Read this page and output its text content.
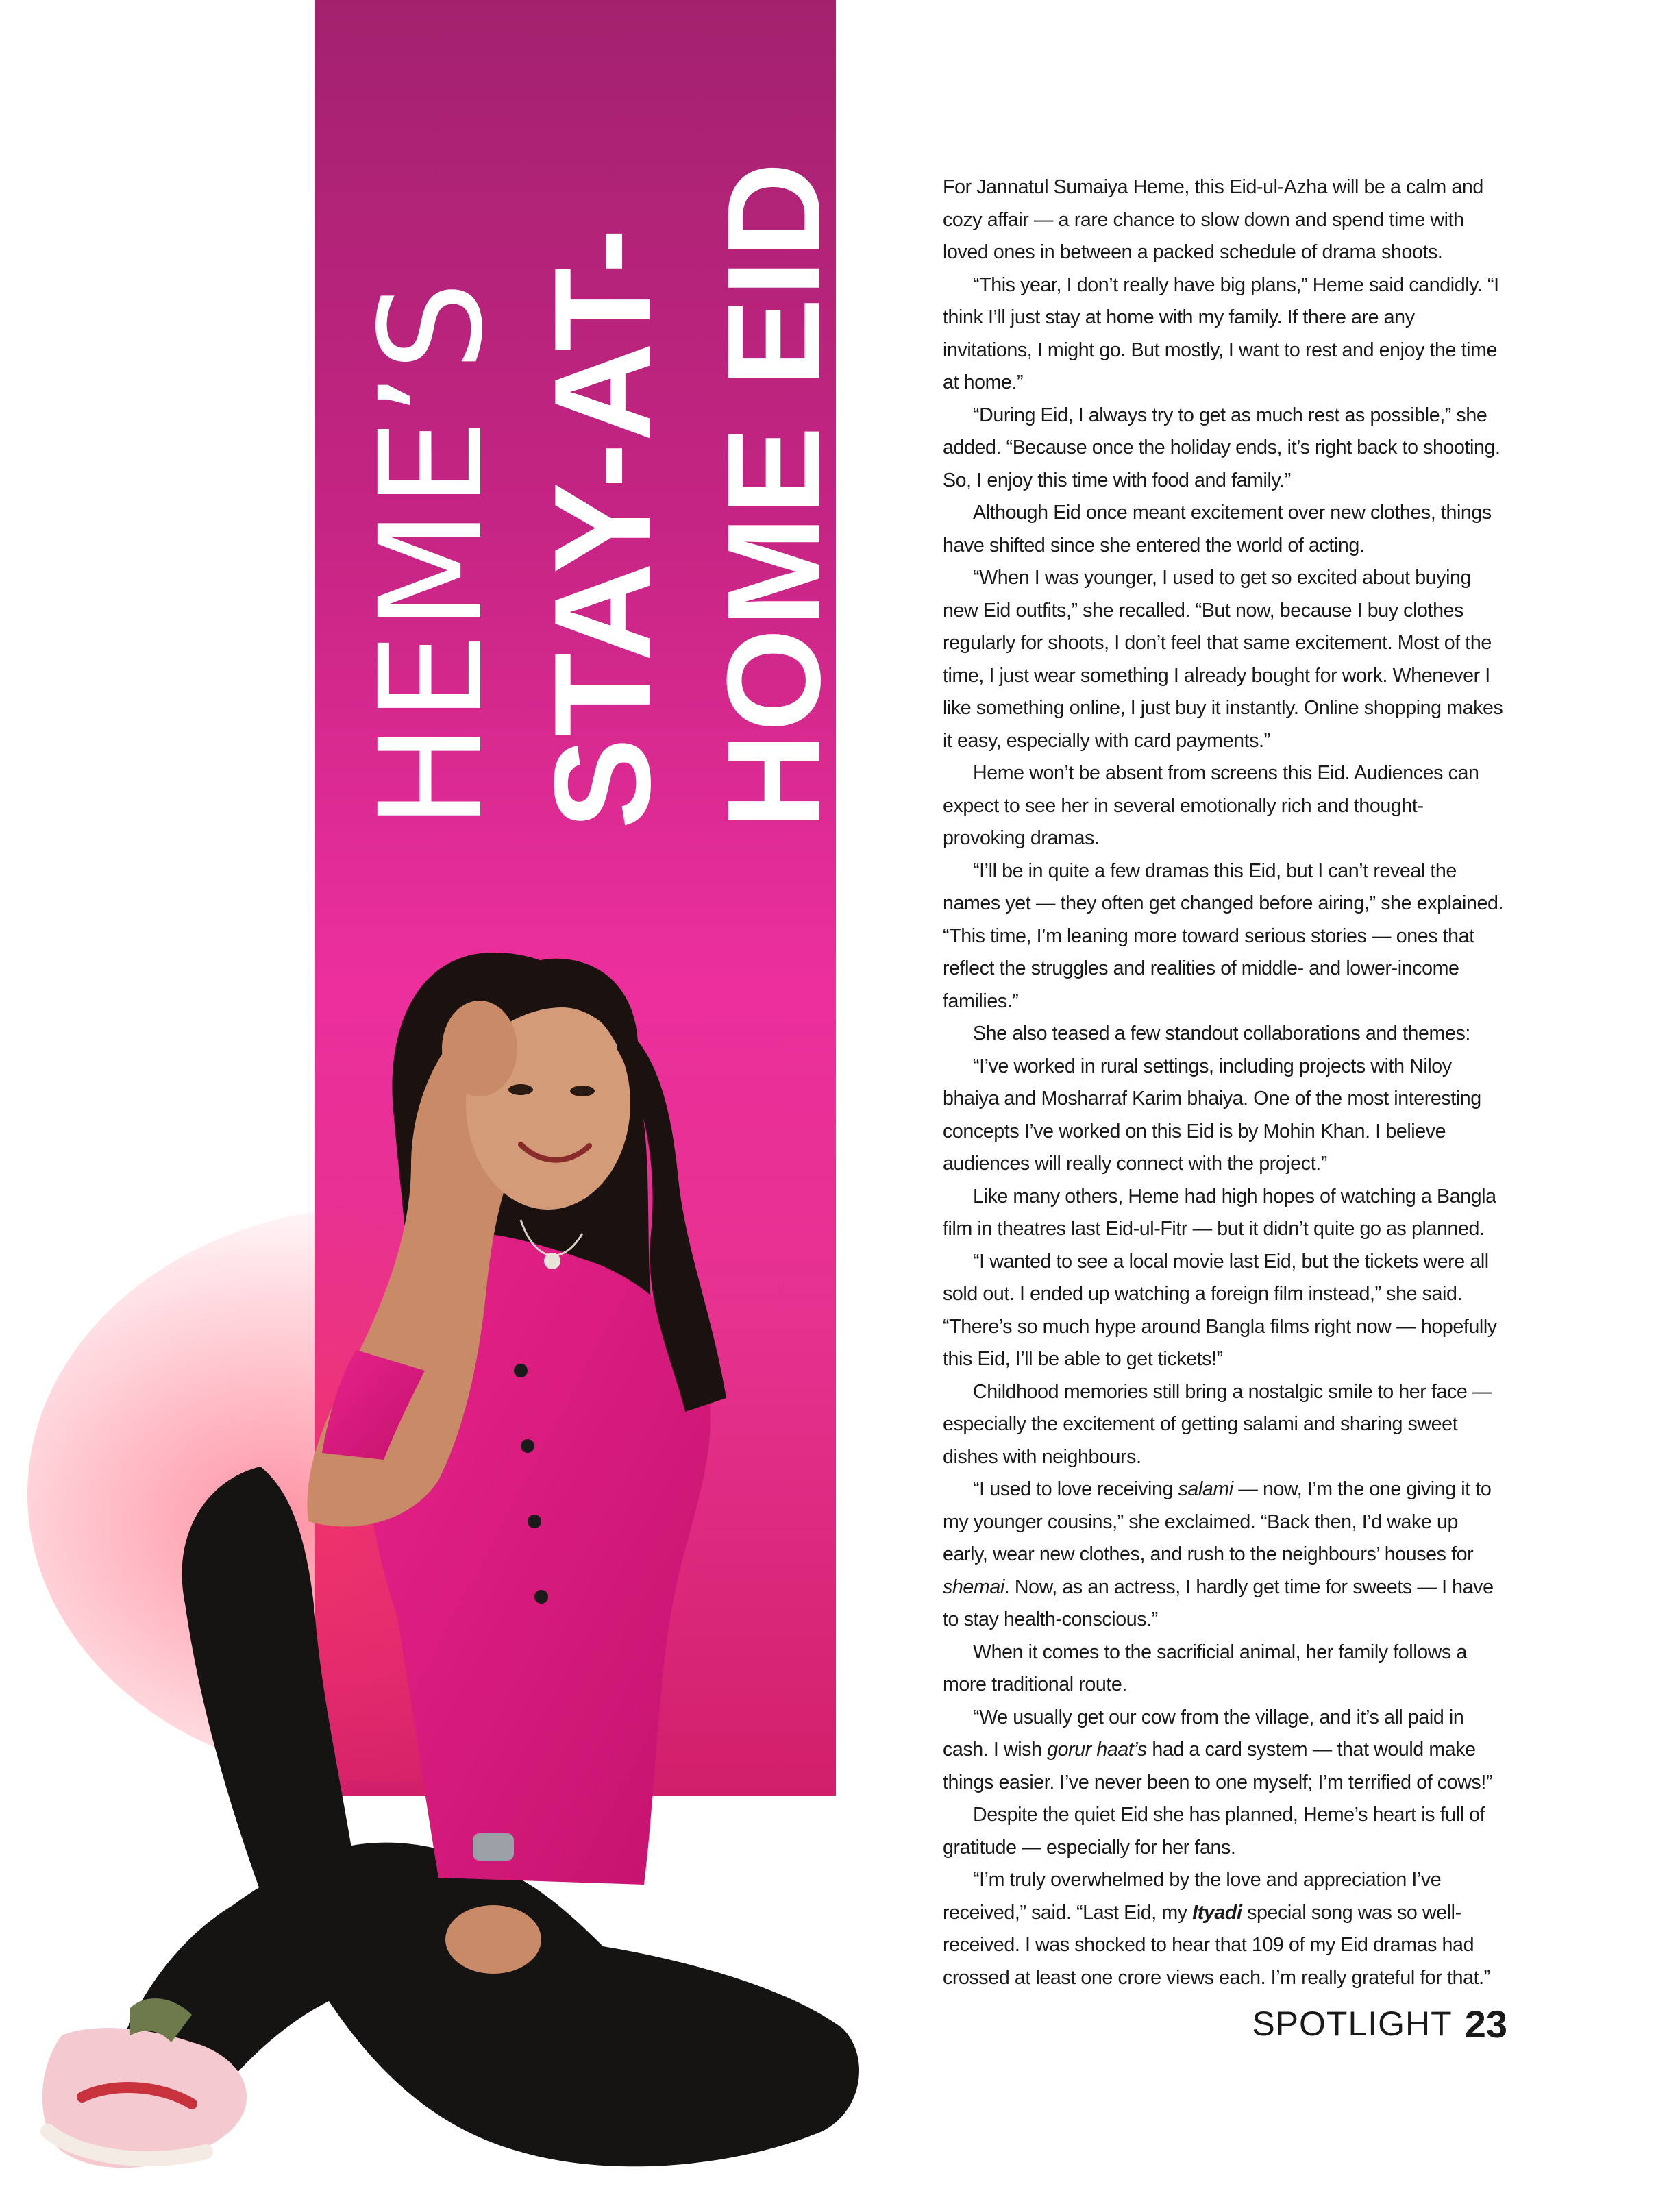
HEME’S STAY-AT- HOME EID	For Jannatul Sumaiya Heme, this Eid-ul-Azha will be a calm and cozy affair — a rare chance to slow down and spend time with loved ones in between a packed schedule of drama shoots.

“This year, I don’t really have big plans,” Heme said candidly. “I think I’ll just stay at home with my family. If there are any invitations, I might go. But mostly, I want to rest and enjoy the time at home.”

“During Eid, I always try to get as much rest as possible,” she added. “Because once the holiday ends, it’s right back to shooting. So, I enjoy this time with food and family.”

Although Eid once meant excitement over new clothes, things have shifted since she entered the world of acting.

“When I was younger, I used to get so excited about buying new Eid outfits,” she recalled. “But now, because I buy clothes regularly for shoots, I don’t feel that same excitement. Most of the time, I just wear something I already bought for work. Whenever I like something online, I just buy it instantly. Online shopping makes it easy, especially with card payments.”

Heme won’t be absent from screens this Eid. Audiences can expect to see her in several emotionally rich and thought-provoking dramas.

“I’ll be in quite a few dramas this Eid, but I can’t reveal the names yet — they often get changed before airing,” she explained. “This time, I’m leaning more toward serious stories — ones that reflect the struggles and realities of middle- and lower-income families.”

She also teased a few standout collaborations and themes:

“I’ve worked in rural settings, including projects with Niloy bhaiya and Mosharraf Karim bhaiya. One of the most interesting concepts I’ve worked on this Eid is by Mohin Khan. I believe audiences will really connect with the project.”

Like many others, Heme had high hopes of watching a Bangla film in theatres last Eid-ul-Fitr — but it didn’t quite go as planned.

“I wanted to see a local movie last Eid, but the tickets were all sold out. I ended up watching a foreign film instead,” she said. “There’s so much hype around Bangla films right now — hopefully this Eid, I’ll be able to get tickets!”

Childhood memories still bring a nostalgic smile to her face — especially the excitement of getting salami and sharing sweet dishes with neighbours.

“I used to love receiving salami — now, I’m the one giving it to my younger cousins,” she exclaimed. “Back then, I’d wake up early, wear new clothes, and rush to the neighbours’ houses for shemai. Now, as an actress, I hardly get time for sweets — I have to stay health-conscious.”

When it comes to the sacrificial animal, her family follows a more traditional route.

“We usually get our cow from the village, and it’s all paid in cash. I wish gorur haat’s had a card system — that would make things easier. I’ve never been to one myself; I’m terrified of cows!”

Despite the quiet Eid she has planned, Heme’s heart is full of gratitude — especially for her fans.

“I’m truly overwhelmed by the love and appreciation I’ve received,” said. “Last Eid, my Ityadi special song was so well-received. I was shocked to hear that 109 of my Eid dramas had crossed at least one crore views each. I’m really grateful for that.”

SPOTLIGHT 23
